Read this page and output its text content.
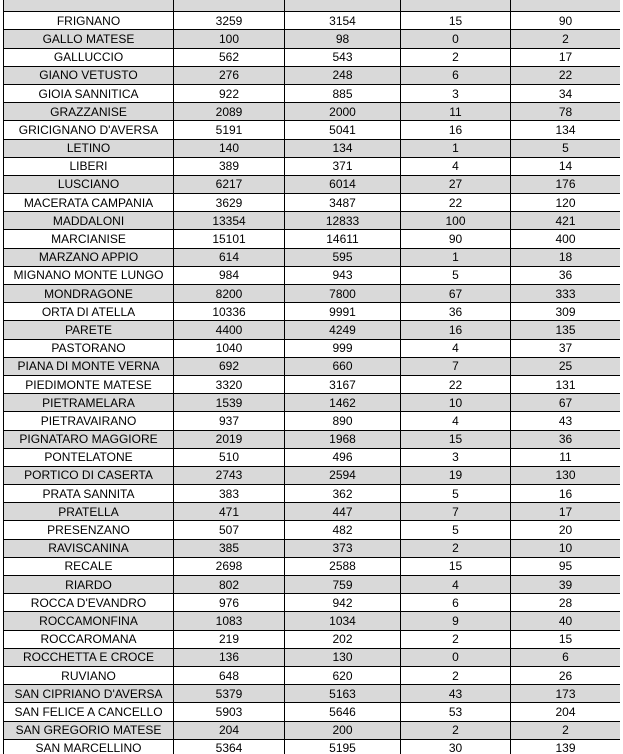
FRIGNANO	3259	3154	15	90
GALLO MATESE	100	98	0	2
GALLUCCIO	562	543	2	17
GIANO VETUSTO	276	248	6	22
GIOIA SANNITICA	922	885	3	34
GRAZZANISE	2089	2000	11	78
GRICIGNANO D'AVERSA	5191	5041	16	134
LETINO	140	134	1	5
LIBERI	389	371	4	14
LUSCIANO	6217	6014	27	176
MACERATA CAMPANIA	3629	3487	22	120
MADDALONI	13354	12833	100	421
MARCIANISE	15101	14611	90	400
MARZANO APPIO	614	595	1	18
MIGNANO MONTE LUNGO	984	943	5	36
MONDRAGONE	8200	7800	67	333
ORTA DI ATELLA	10336	9991	36	309
PARETE	4400	4249	16	135
PASTORANO	1040	999	4	37
PIANA DI MONTE VERNA	692	660	7	25
PIEDIMONTE MATESE	3320	3167	22	131
PIETRAMELARA	1539	1462	10	67
PIETRAVAIRANO	937	890	4	43
PIGNATARO MAGGIORE	2019	1968	15	36
PONTELATONE	510	496	3	11
PORTICO DI CASERTA	2743	2594	19	130
PRATA SANNITA	383	362	5	16
PRATELLA	471	447	7	17
PRESENZANO	507	482	5	20
RAVISCANINA	385	373	2	10
RECALE	2698	2588	15	95
RIARDO	802	759	4	39
ROCCA D'EVANDRO	976	942	6	28
ROCCAMONFINA	1083	1034	9	40
ROCCAROMANA	219	202	2	15
ROCCHETTA E CROCE	136	130	0	6
RUVIANO	648	620	2	26
SAN CIPRIANO D'AVERSA	5379	5163	43	173
SAN FELICE A CANCELLO	5903	5646	53	204
SAN GREGORIO MATESE	204	200	2	2
SAN MARCELLINO	5364	5195	30	139
